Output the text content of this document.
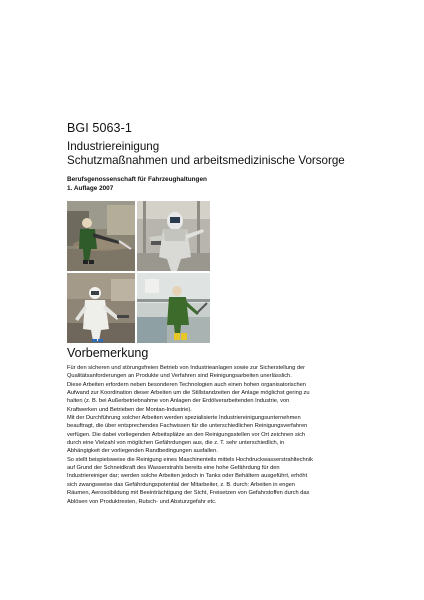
BGI 5063-1
Industriereinigung
Schutzmaßnahmen und arbeitsmedizinische Vorsorge
Berufsgenossenschaft für Fahrzeughaltungen
1. Auflage 2007
Vorbemerkung
Für den sicheren und störungsfreien Betrieb von Industrieanlagen sowie zur Sicherstellung der
Qualitätsanforderungen an Produkte und Verfahren sind Reinigungsarbeiten unerlässlich.
Diese Arbeiten erfordern neben besonderen Technologien auch einen hohen organisatorischen
Aufwand zur Koordination dieser Arbeiten um die Stillstandzeiten der Anlage möglichst gering zu
halten (z. B. bei Außerbetriebnahme von Anlagen der Erdölverarbeitenden Industrie, von
Kraftwerken und Betrieben der Montan-Industrie).
Mit der Durchführung solcher Arbeiten werden spezialisierte Industriereinigungsunternehmen
beauftragt, die über entsprechendes Fachwissen für die unterschiedlichen Reinigungsverfahren
verfügen. Die dabei vorliegenden Arbeitsplätze an den Reinigungsstellen vor Ort zeichnen sich
durch eine Vielzahl von möglichen Gefährdungen aus, die z. T. sehr unterschiedlich, in
Abhängigkeit der vorliegenden Randbedingungen ausfallen.
So stellt beispielsweise die Reinigung eines Maschinenteils mittels Hochdruckwasserstrahltechnik
auf Grund der Schneidkraft des Wasserstrahls bereits eine hohe Gefährdung für den
Industriereiniger dar; werden solche Arbeiten jedoch in Tanks oder Behältern ausgeführt, erhöht
sich zwangsweise das Gefährdungspotential der Mitarbeiter, z. B. durch: Arbeiten in engen
Räumen, Aerosolbildung mit Beeinträchtigung der Sicht, Freisetzen von Gefahrstoffen durch das
Ablösen von Produktresten, Rutsch- und Absturzgefahr etc.
